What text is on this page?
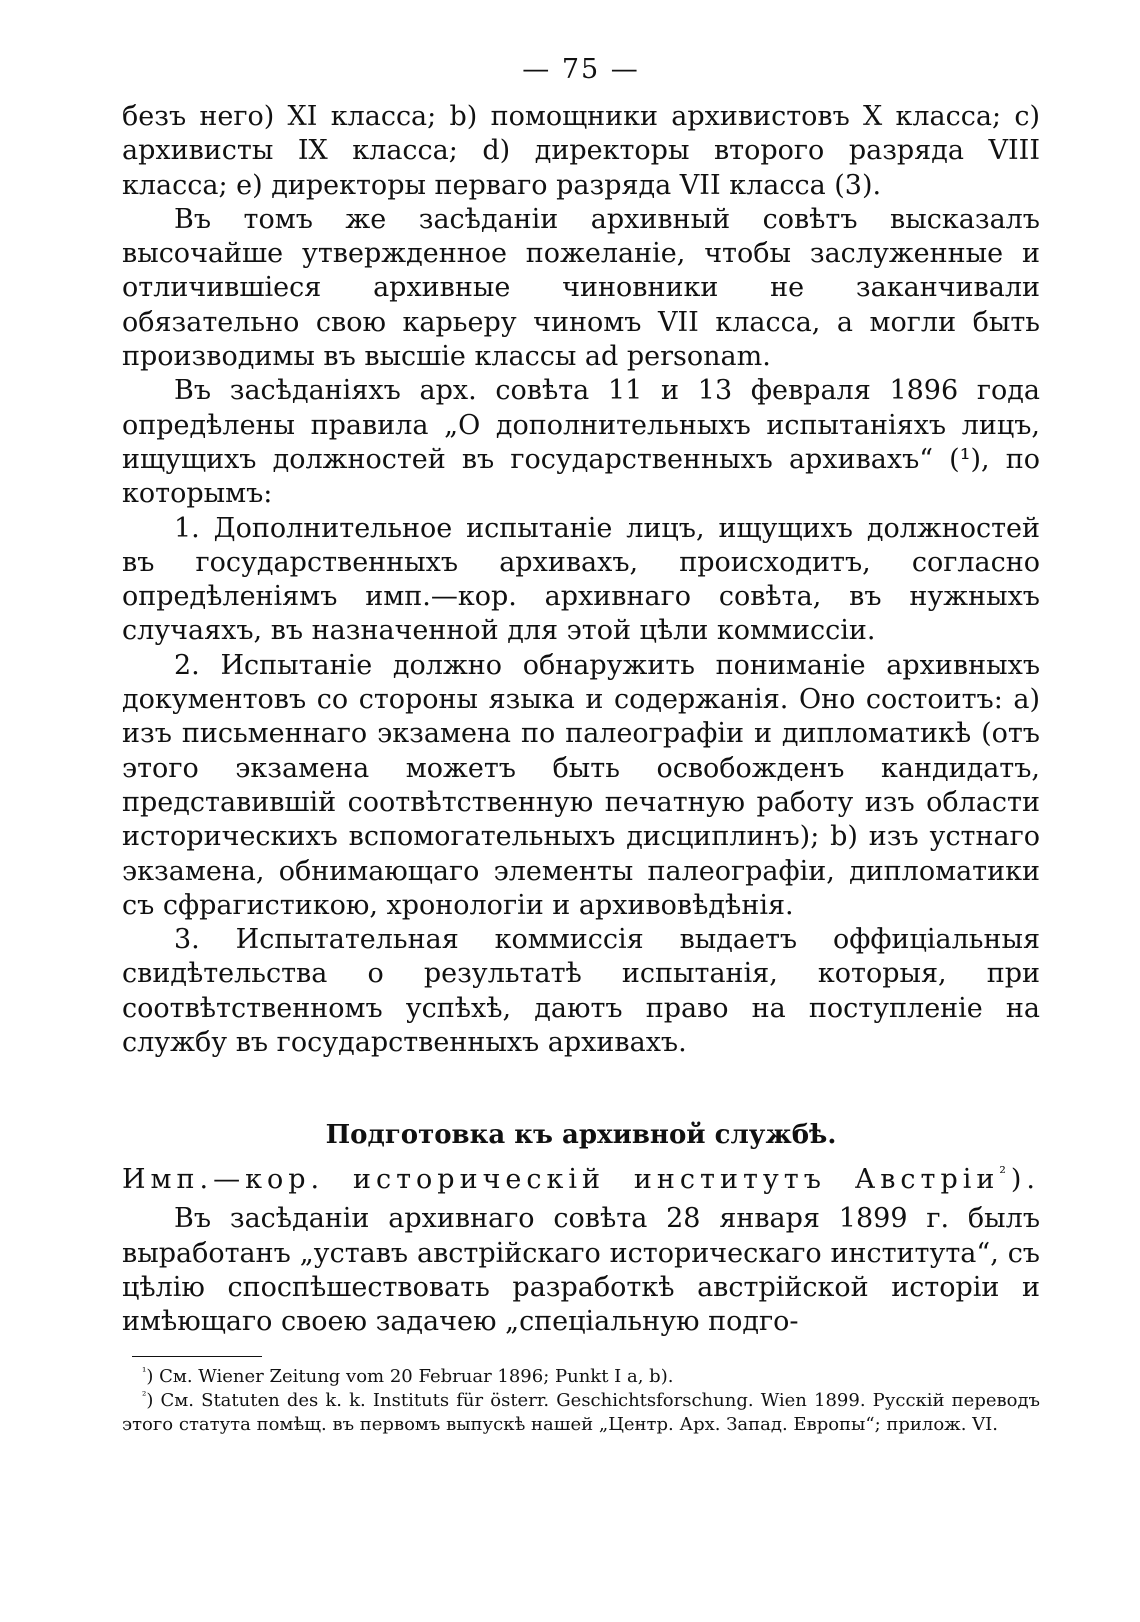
— 75 —

безъ него) XI класса; b) помощники архивистовъ X класса; c) архивисты IX класса; d) директоры второго разряда VIII класса; e) директоры перваго разряда VII класса (3).

Въ томъ же засѣданіи архивный совѣтъ высказалъ высочайше утвержденное пожеланіе, чтобы заслуженные и отличившіеся архивные чиновники не заканчивали обязательно свою карьеру чиномъ VII класса, а могли быть производимы въ высшіе классы ad personam.

Въ засѣданіяхъ арх. совѣта 11 и 13 февраля 1896 года опредѣлены правила „О дополнительныхъ испытаніяхъ лицъ, ищущихъ должностей въ государственныхъ архивахъ“ (¹), по которымъ:

1. Дополнительное испытаніе лицъ, ищущихъ должностей въ государственныхъ архивахъ, происходитъ, согласно опредѣленіямъ имп.—кор. архивнаго совѣта, въ нужныхъ случаяхъ, въ назначенной для этой цѣли коммиссіи.

2. Испытаніе должно обнаружить пониманіе архивныхъ документовъ со стороны языка и содержанія. Оно состоитъ: a) изъ письменнаго экзамена по палеографіи и дипломатикѣ (отъ этого экзамена можетъ быть освобожденъ кандидатъ, представившій соотвѣтственную печатную работу изъ области историческихъ вспомогательныхъ дисциплинъ); b) изъ устнаго экзамена, обнимающаго элементы палеографіи, дипломатики съ сфрагистикою, хронологіи и архивовѣдѣнія.

3. Испытательная коммиссія выдаетъ оффиціальныя свидѣтельства о результатѣ испытанія, которыя, при соотвѣтственномъ успѣхѣ, даютъ право на поступленіе на службу въ государственныхъ архивахъ.

Подготовка къ архивной службѣ.
Имп.—кор. историческій институтъ Австріи$^{^2}$).

Въ засѣданіи архивнаго совѣта 28 января 1899 г. былъ выработанъ „уставъ австрійскаго историческаго института“, съ цѣлію споспѣшествовать разработкѣ австрійской исторіи и имѣющаго своею задачею „спеціальную подго-

$^{^1}$) См. Wiener Zeitung vom 20 Februar 1896; Punkt I a, b).

$^{^2}$) См. Statuten des k. k. Instituts für österr. Geschichtsforschung. Wien 1899. Русскій переводъ этого статута помѣщ. въ первомъ выпускѣ нашей „Центр. Арх. Запад. Европы“; прилож. VI.
